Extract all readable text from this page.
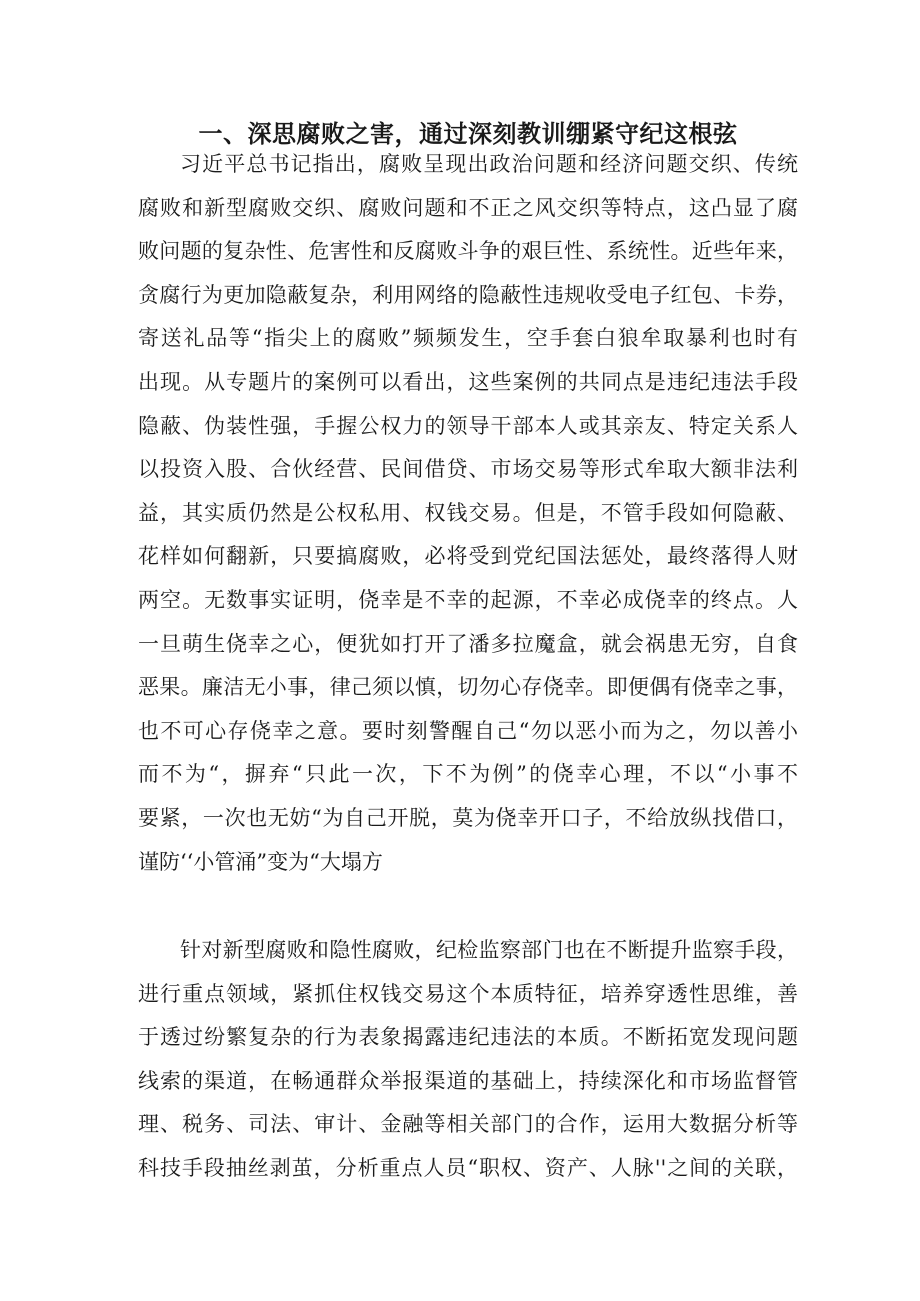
一、深思腐败之害，通过深刻教训绷紧守纪这根弦
习近平总书记指出，腐败呈现出政治问题和经济问题交织、传统
腐败和新型腐败交织、腐败问题和不正之风交织等特点，这凸显了腐
败问题的复杂性、危害性和反腐败斗争的艰巨性、系统性。近些年来，
贪腐行为更加隐蔽复杂，利用网络的隐蔽性违规收受电子红包、卡券，
寄送礼品等“指尖上的腐败”频频发生，空手套白狼牟取暴利也时有
出现。从专题片的案例可以看出，这些案例的共同点是违纪违法手段
隐蔽、伪装性强，手握公权力的领导干部本人或其亲友、特定关系人
以投资入股、合伙经营、民间借贷、市场交易等形式牟取大额非法利
益，其实质仍然是公权私用、权钱交易。但是，不管手段如何隐蔽、
花样如何翻新，只要搞腐败，必将受到党纪国法惩处，最终落得人财
两空。无数事实证明，侥幸是不幸的起源，不幸必成侥幸的终点。人
一旦萌生侥幸之心，便犹如打开了潘多拉魔盒，就会祸患无穷，自食
恶果。廉洁无小事，律己须以慎，切勿心存侥幸。即便偶有侥幸之事，
也不可心存侥幸之意。要时刻警醒自己“勿以恶小而为之，勿以善小
而不为“，摒弃“只此一次，下不为例”的侥幸心理，不以“小事不
要紧，一次也无妨“为自己开脱，莫为侥幸开口子，不给放纵找借口，
谨防‘‘小管涌”变为“大塌方
针对新型腐败和隐性腐败，纪检监察部门也在不断提升监察手段，
进行重点领域，紧抓住权钱交易这个本质特征，培养穿透性思维，善
于透过纷繁复杂的行为表象揭露违纪违法的本质。不断拓宽发现问题
线索的渠道，在畅通群众举报渠道的基础上，持续深化和市场监督管
理、税务、司法、审计、金融等相关部门的合作，运用大数据分析等
科技手段抽丝剥茧，分析重点人员“职权、资产、人脉''之间的关联，
